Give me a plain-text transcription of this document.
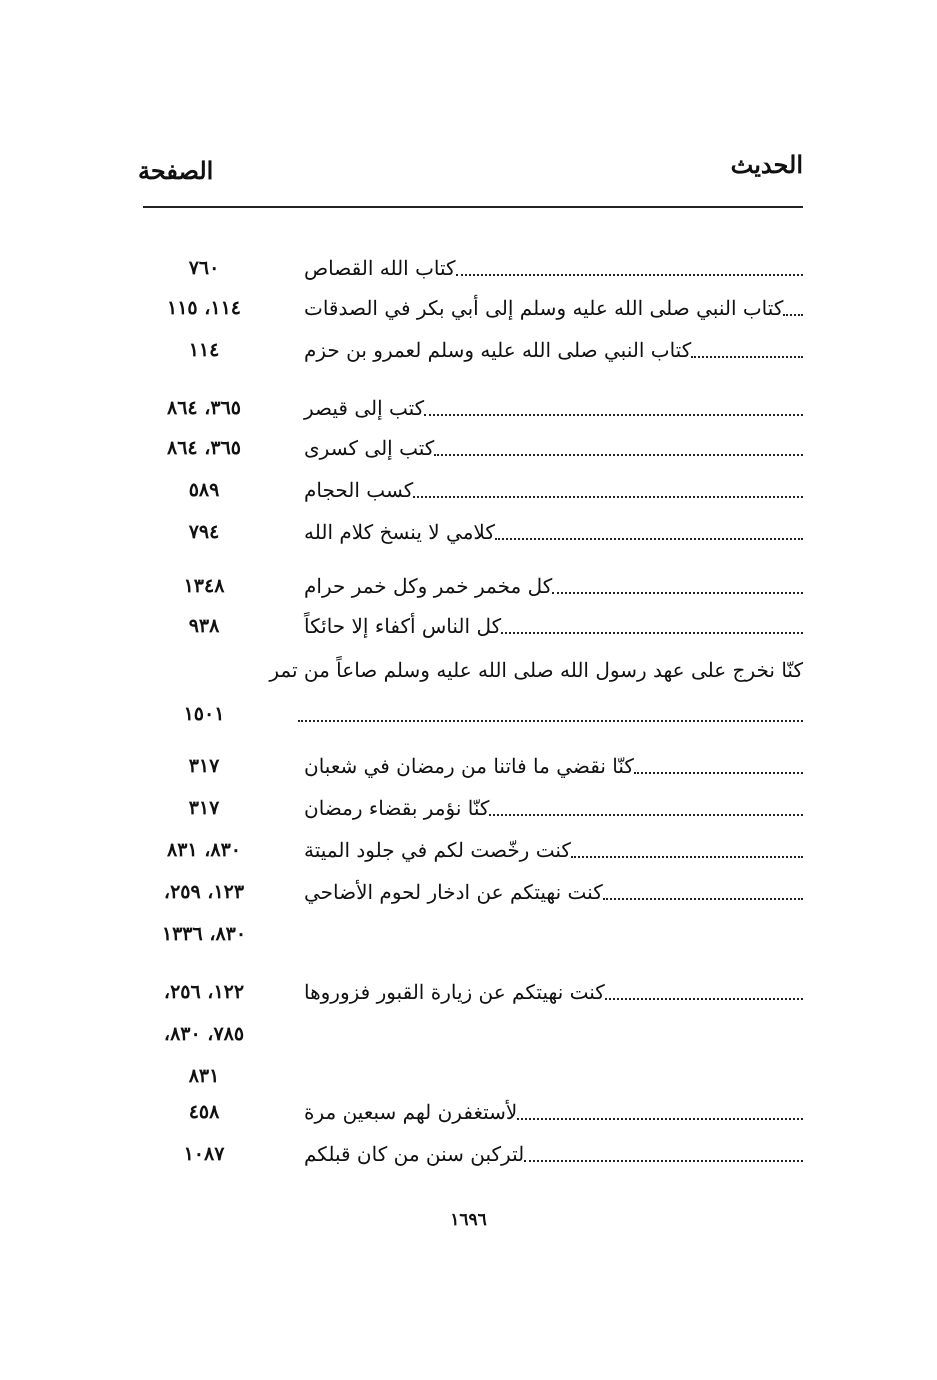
الحديث
الصفحة
كتاب الله القصاص
٧٦٠
كتاب النبي صلى الله عليه وسلم إلى أبي بكر في الصدقات
١١٤، ١١٥
كتاب النبي صلى الله عليه وسلم لعمرو بن حزم
١١٤
كتب إلى قيصر
٣٦٥، ٨٦٤
كتب إلى كسرى
٣٦٥، ٨٦٤
كسب الحجام
٥٨٩
كلامي لا ينسخ كلام الله
٧٩٤
كل مخمر خمر وكل خمر حرام
١٣٤٨
كل الناس أكفاء إلا حائكاً
٩٣٨
كنّا نخرج على عهد رسول الله صلى الله عليه وسلم صاعاً من تمر
١٥٠١
كنّا نقضي ما فاتنا من رمضان في شعبان
٣١٧
كنّا نؤمر بقضاء رمضان
٣١٧
كنت رخّصت لكم في جلود الميتة
٨٣٠، ٨٣١
كنت نهيتكم عن ادخار لحوم الأضاحي
١٢٣، ٢٥٩،
٨٣٠، ١٣٣٦
كنت نهيتكم عن زيارة القبور فزوروها
١٢٢، ٢٥٦،
٧٨٥، ٨٣٠،
٨٣١
لأستغفرن لهم سبعين مرة
٤٥٨
لتركبن سنن من كان قبلكم
١٠٨٧
١٦٩٦
